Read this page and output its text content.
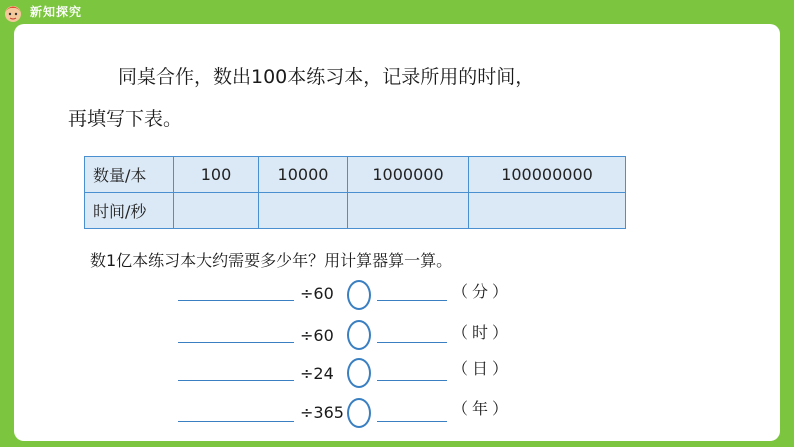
新知探究
同桌合作，数出100本练习本，记录所用的时间，
再填写下表。
数量/本	100	10000	1000000	100000000
时间/秒				
数1亿本练习本大约需要多少年？用计算器算一算。
÷60	（分）
÷60	（时）
÷24	（日）
÷365	（年）
